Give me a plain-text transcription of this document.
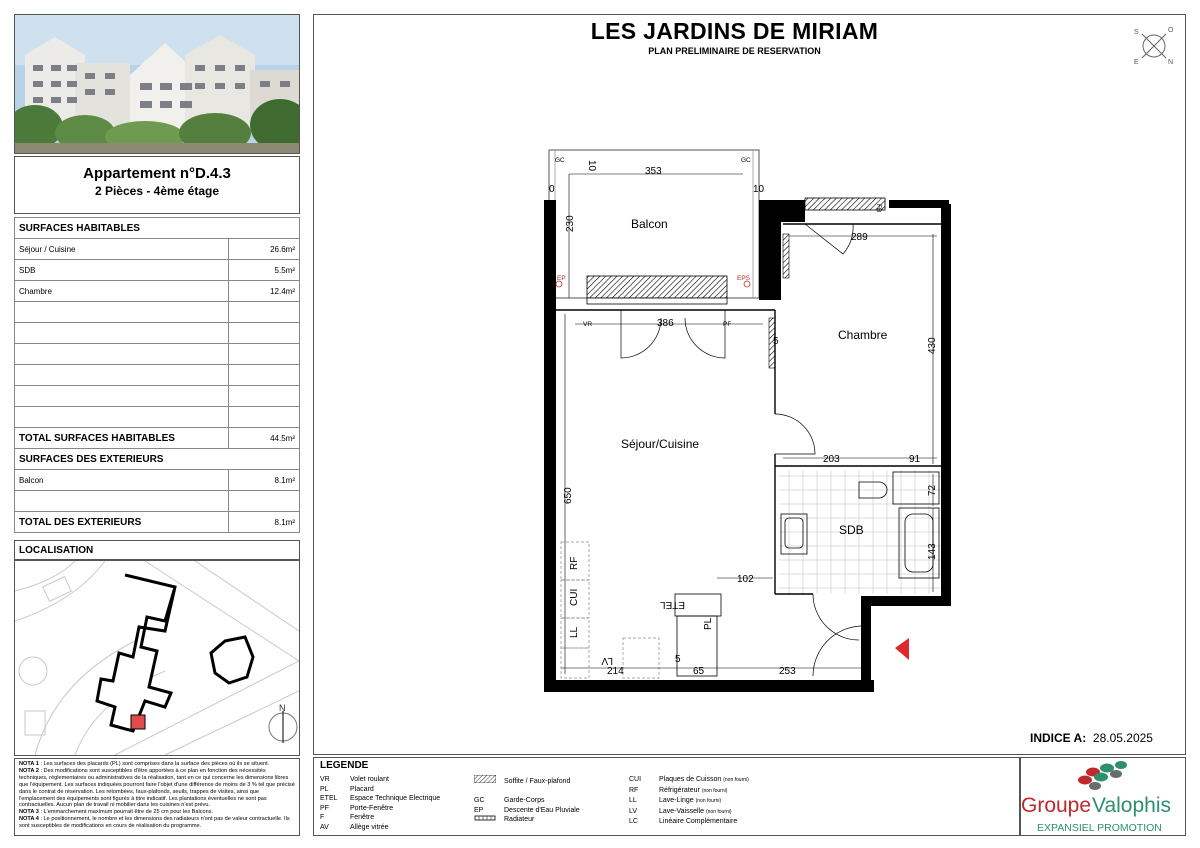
Appartement n°D.4.3
2 Pièces - 4ème étage
SURFACES HABITABLES	
Séjour / Cuisine	26.6m²
SDB	5.5m²
Chambre	12.4m²

TOTAL SURFACES HABITABLES	44.5m²
SURFACES DES EXTERIEURS	
Balcon	8.1m²

TOTAL DES EXTERIEURS	8.1m²
LOCALISATION
N
NOTA 1 : Les surfaces des placards (PL) sont comprises dans la surface des pièces où ils se situent.
NOTA 2 : Des modifications sont susceptibles d'être apportées à ce plan en fonction des nécessités techniques, réglementaires ou administratives de la réalisation, tant en ce qui concerne les dimensions libres que l'équipement. Les surfaces indiquées pourront faire l'objet d'une différence de moins de 3 % tel que précisé dans le contrat de réservation. Les retombées, faux-plafonds, seuils, trappes de visites, ainsi que l'emplacement des équipements sont figurés à titre indicatif. Les plantations éventuelles ne sont pas contractuelles. Aucun plan de travail ni mobilier dans les cuisines n'est prévu.
NOTA 3 : L'emmarchement maximum pourrait être de 25 cm pour les Balcons.
NOTA 4 : Le positionnement, le nombre et les dimensions des radiateurs n'ont pas de valeur contractuelle. Ils sont susceptibles de modifications en cours de réalisation du programme.
LES JARDINS DE MIRIAM
PLAN PRELIMINAIRE DE RESERVATION
S	O
E	N
Balcon
Chambre
Séjour/Cuisine
SDB
353
230
289
386
430
650
203	91
72
143
102
214	65	253
5
5
0	10
10
GC	GC
EP	EPS
VR	PF
FB
RF
CUI
LL
LV
ETEL
PL
INDICE A: 28.05.2025
LEGENDE
VR	Volet roulant
PL	Placard
ETEL Espace Technique Electrique
PF	Porte-Fenêtre
F	Fenêtre
AV	Allège vitrée
Soffite / Faux-plafond

GC	Garde-Corps
EP	Descente d'Eau Pluviale
Radiateur
CUI	Plaques de Cuisson (non fourni)
RF	Réfrigérateur (non fourni)
LL	Lave-Linge (non fourni)
LV	Lave-Vaisselle (non fourni)
LC	Linéaire Complémentaire
Groupe Valophis
EXPANSIEL PROMOTION
